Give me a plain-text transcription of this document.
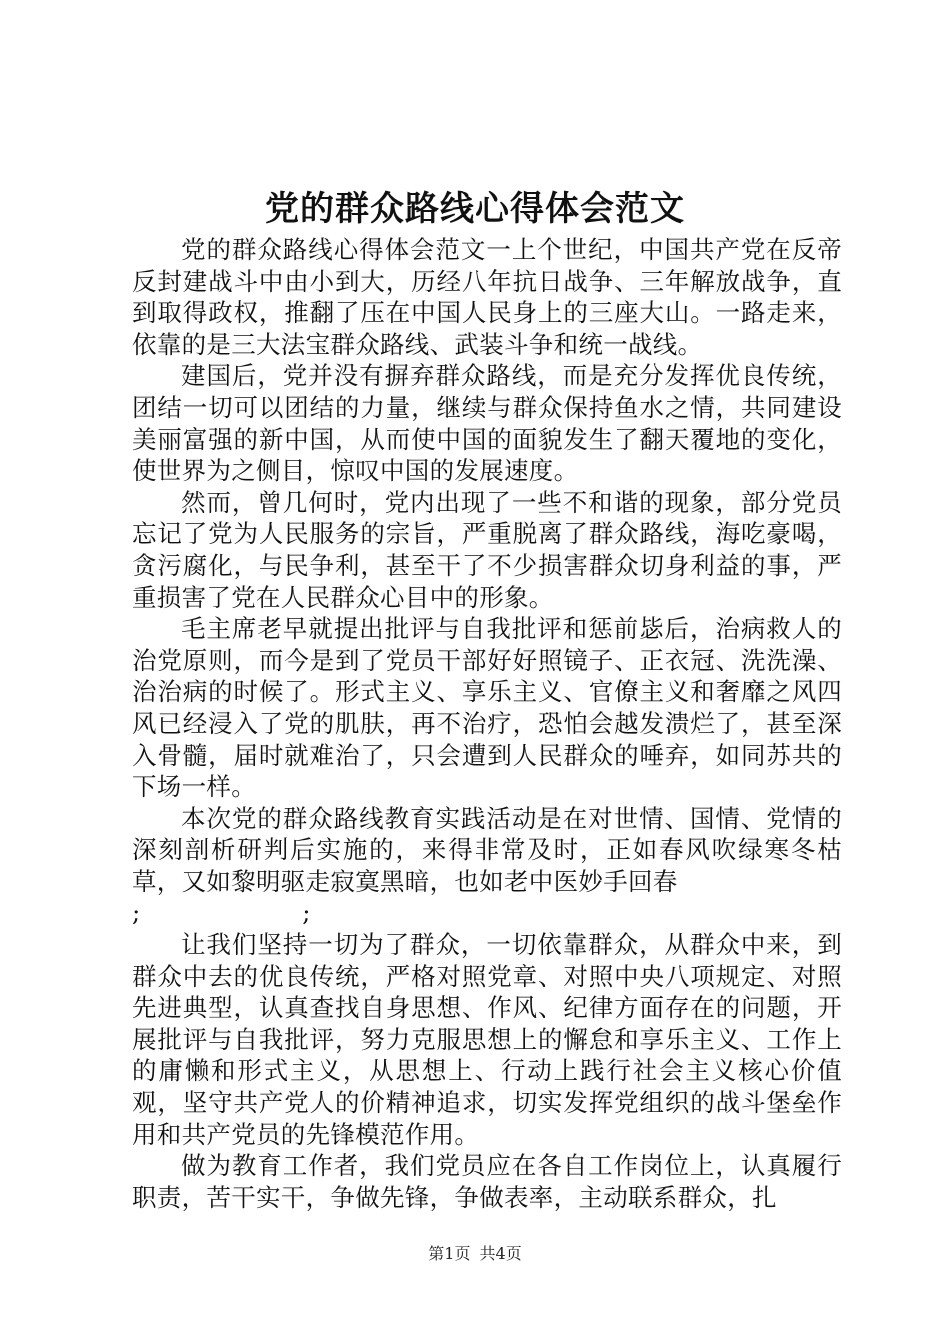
党的群众路线心得体会范文

党的群众路线心得体会范文一上个世纪，中国共产党在反帝反封建战斗中由小到大，历经八年抗日战争、三年解放战争，直到取得政权，推翻了压在中国人民身上的三座大山。一路走来，依靠的是三大法宝群众路线、武装斗争和统一战线。

建国后，党并没有摒弃群众路线，而是充分发挥优良传统，团结一切可以团结的力量，继续与群众保持鱼水之情，共同建设美丽富强的新中国，从而使中国的面貌发生了翻天覆地的变化，使世界为之侧目，惊叹中国的发展速度。

然而，曾几何时，党内出现了一些不和谐的现象，部分党员忘记了党为人民服务的宗旨，严重脱离了群众路线，海吃豪喝，贪污腐化，与民争利，甚至干了不少损害群众切身利益的事，严重损害了党在人民群众心目中的形象。

毛主席老早就提出批评与自我批评和惩前毖后，治病救人的治党原则，而今是到了党员干部好好照镜子、正衣冠、洗洗澡、治治病的时候了。形式主义、享乐主义、官僚主义和奢靡之风四风已经浸入了党的肌肤，再不治疗，恐怕会越发溃烂了，甚至深入骨髓，届时就难治了，只会遭到人民群众的唾弃，如同苏共的下场一样。

本次党的群众路线教育实践活动是在对世情、国情、党情的深刻剖析研判后实施的，来得非常及时，正如春风吹绿寒冬枯草，又如黎明驱走寂寞黑暗，也如老中医妙手回春
;                    ;

让我们坚持一切为了群众，一切依靠群众，从群众中来，到群众中去的优良传统，严格对照党章、对照中央八项规定、对照先进典型，认真查找自身思想、作风、纪律方面存在的问题，开展批评与自我批评，努力克服思想上的懈怠和享乐主义、工作上的庸懒和形式主义，从思想上、行动上践行社会主义核心价值观，坚守共产党人的价精神追求，切实发挥党组织的战斗堡垒作用和共产党员的先锋模范作用。

做为教育工作者，我们党员应在各自工作岗位上，认真履行职责，苦干实干，争做先锋，争做表率，主动联系群众，扎

第1页 共4页
